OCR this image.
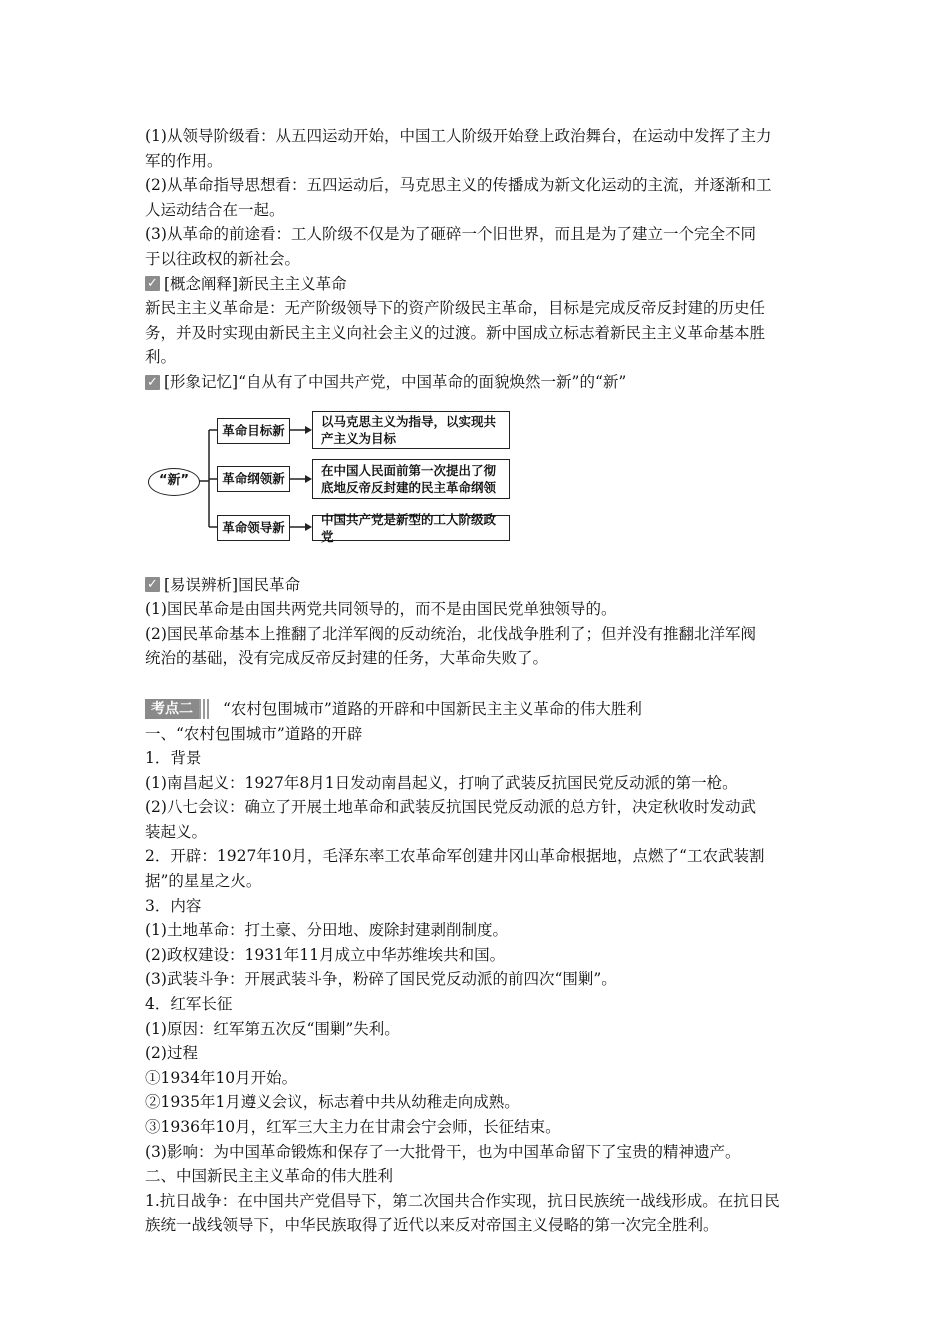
(1)从领导阶级看：从五四运动开始，中国工人阶级开始登上政治舞台，在运动中发挥了主力

军的作用。

(2)从革命指导思想看：五四运动后，马克思主义的传播成为新文化运动的主流，并逐渐和工

人运动结合在一起。

(3)从革命的前途看：工人阶级不仅是为了砸碎一个旧世界，而且是为了建立一个完全不同

于以往政权的新社会。

✓ [概念阐释]新民主主义革命

新民主主义革命是：无产阶级领导下的资产阶级民主革命，目标是完成反帝反封建的历史任

务，并及时实现由新民主主义向社会主义的过渡。新中国成立标志着新民主主义革命基本胜

利。

✓ [形象记忆]“自从有了中国共产党，中国革命的面貌焕然一新”的“新”
“新”
革命目标新
以马克思主义为指导，以实现共产主义为目标
革命纲领新
在中国人民面前第一次提出了彻底地反帝反封建的民主革命纲领
革命领导新
中国共产党是新型的工人阶级政党
✓ [易误辨析]国民革命

(1)国民革命是由国共两党共同领导的，而不是由国民党单独领导的。

(2)国民革命基本上推翻了北洋军阀的反动统治，北伐战争胜利了；但并没有推翻北洋军阀

统治的基础，没有完成反帝反封建的任务，大革命失败了。

考点二	“农村包围城市”道路的开辟和中国新民主主义革命的伟大胜利

一、“农村包围城市”道路的开辟

1．背景

(1)南昌起义：1927年8月1日发动南昌起义，打响了武装反抗国民党反动派的第一枪。

(2)八七会议：确立了开展土地革命和武装反抗国民党反动派的总方针，决定秋收时发动武

装起义。

2．开辟：1927年10月，毛泽东率工农革命军创建井冈山革命根据地，点燃了“工农武装割

据”的星星之火。

3．内容

(1)土地革命：打土豪、分田地、废除封建剥削制度。

(2)政权建设：1931年11月成立中华苏维埃共和国。

(3)武装斗争：开展武装斗争，粉碎了国民党反动派的前四次“围剿”。

4．红军长征

(1)原因：红军第五次反“围剿”失利。

(2)过程

①1934年10月开始。

②1935年1月遵义会议，标志着中共从幼稚走向成熟。

③1936年10月，红军三大主力在甘肃会宁会师，长征结束。

(3)影响：为中国革命锻炼和保存了一大批骨干，也为中国革命留下了宝贵的精神遗产。

二、中国新民主主义革命的伟大胜利

1.抗日战争：在中国共产党倡导下，第二次国共合作实现，抗日民族统一战线形成。在抗日民

族统一战线领导下，中华民族取得了近代以来反对帝国主义侵略的第一次完全胜利。
